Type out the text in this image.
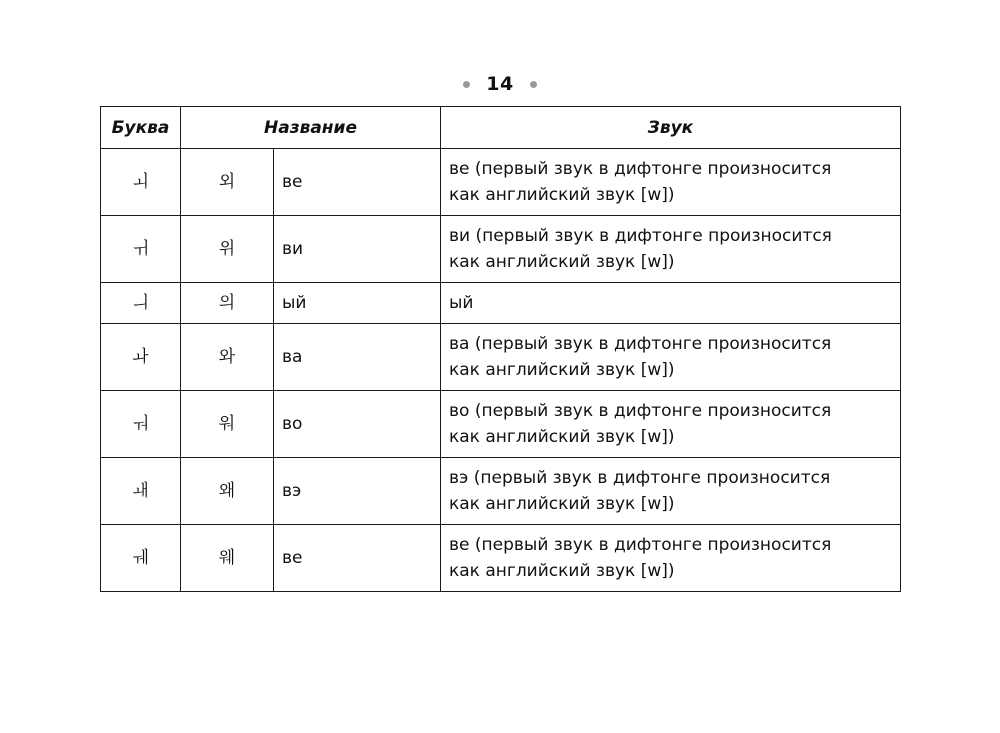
14
Буква	Название		Звук
ㅚ	외	ве	ве (первый звук в дифтонге произносится
как английский звук [w])

ㅟ	위	ви	ви (первый звук в дифтонге произносится
как английский звук [w])

ㅢ	의	ый	ый

ㅘ	와	ва	ва (первый звук в дифтонге произносится
как английский звук [w])

ㅝ	워	во	во (первый звук в дифтонге произносится
как английский звук [w])

ㅙ	왜	вэ	вэ (первый звук в дифтонге произносится
как английский звук [w])

ㅞ	웨	ве	ве (первый звук в дифтонге произносится
как английский звук [w])
